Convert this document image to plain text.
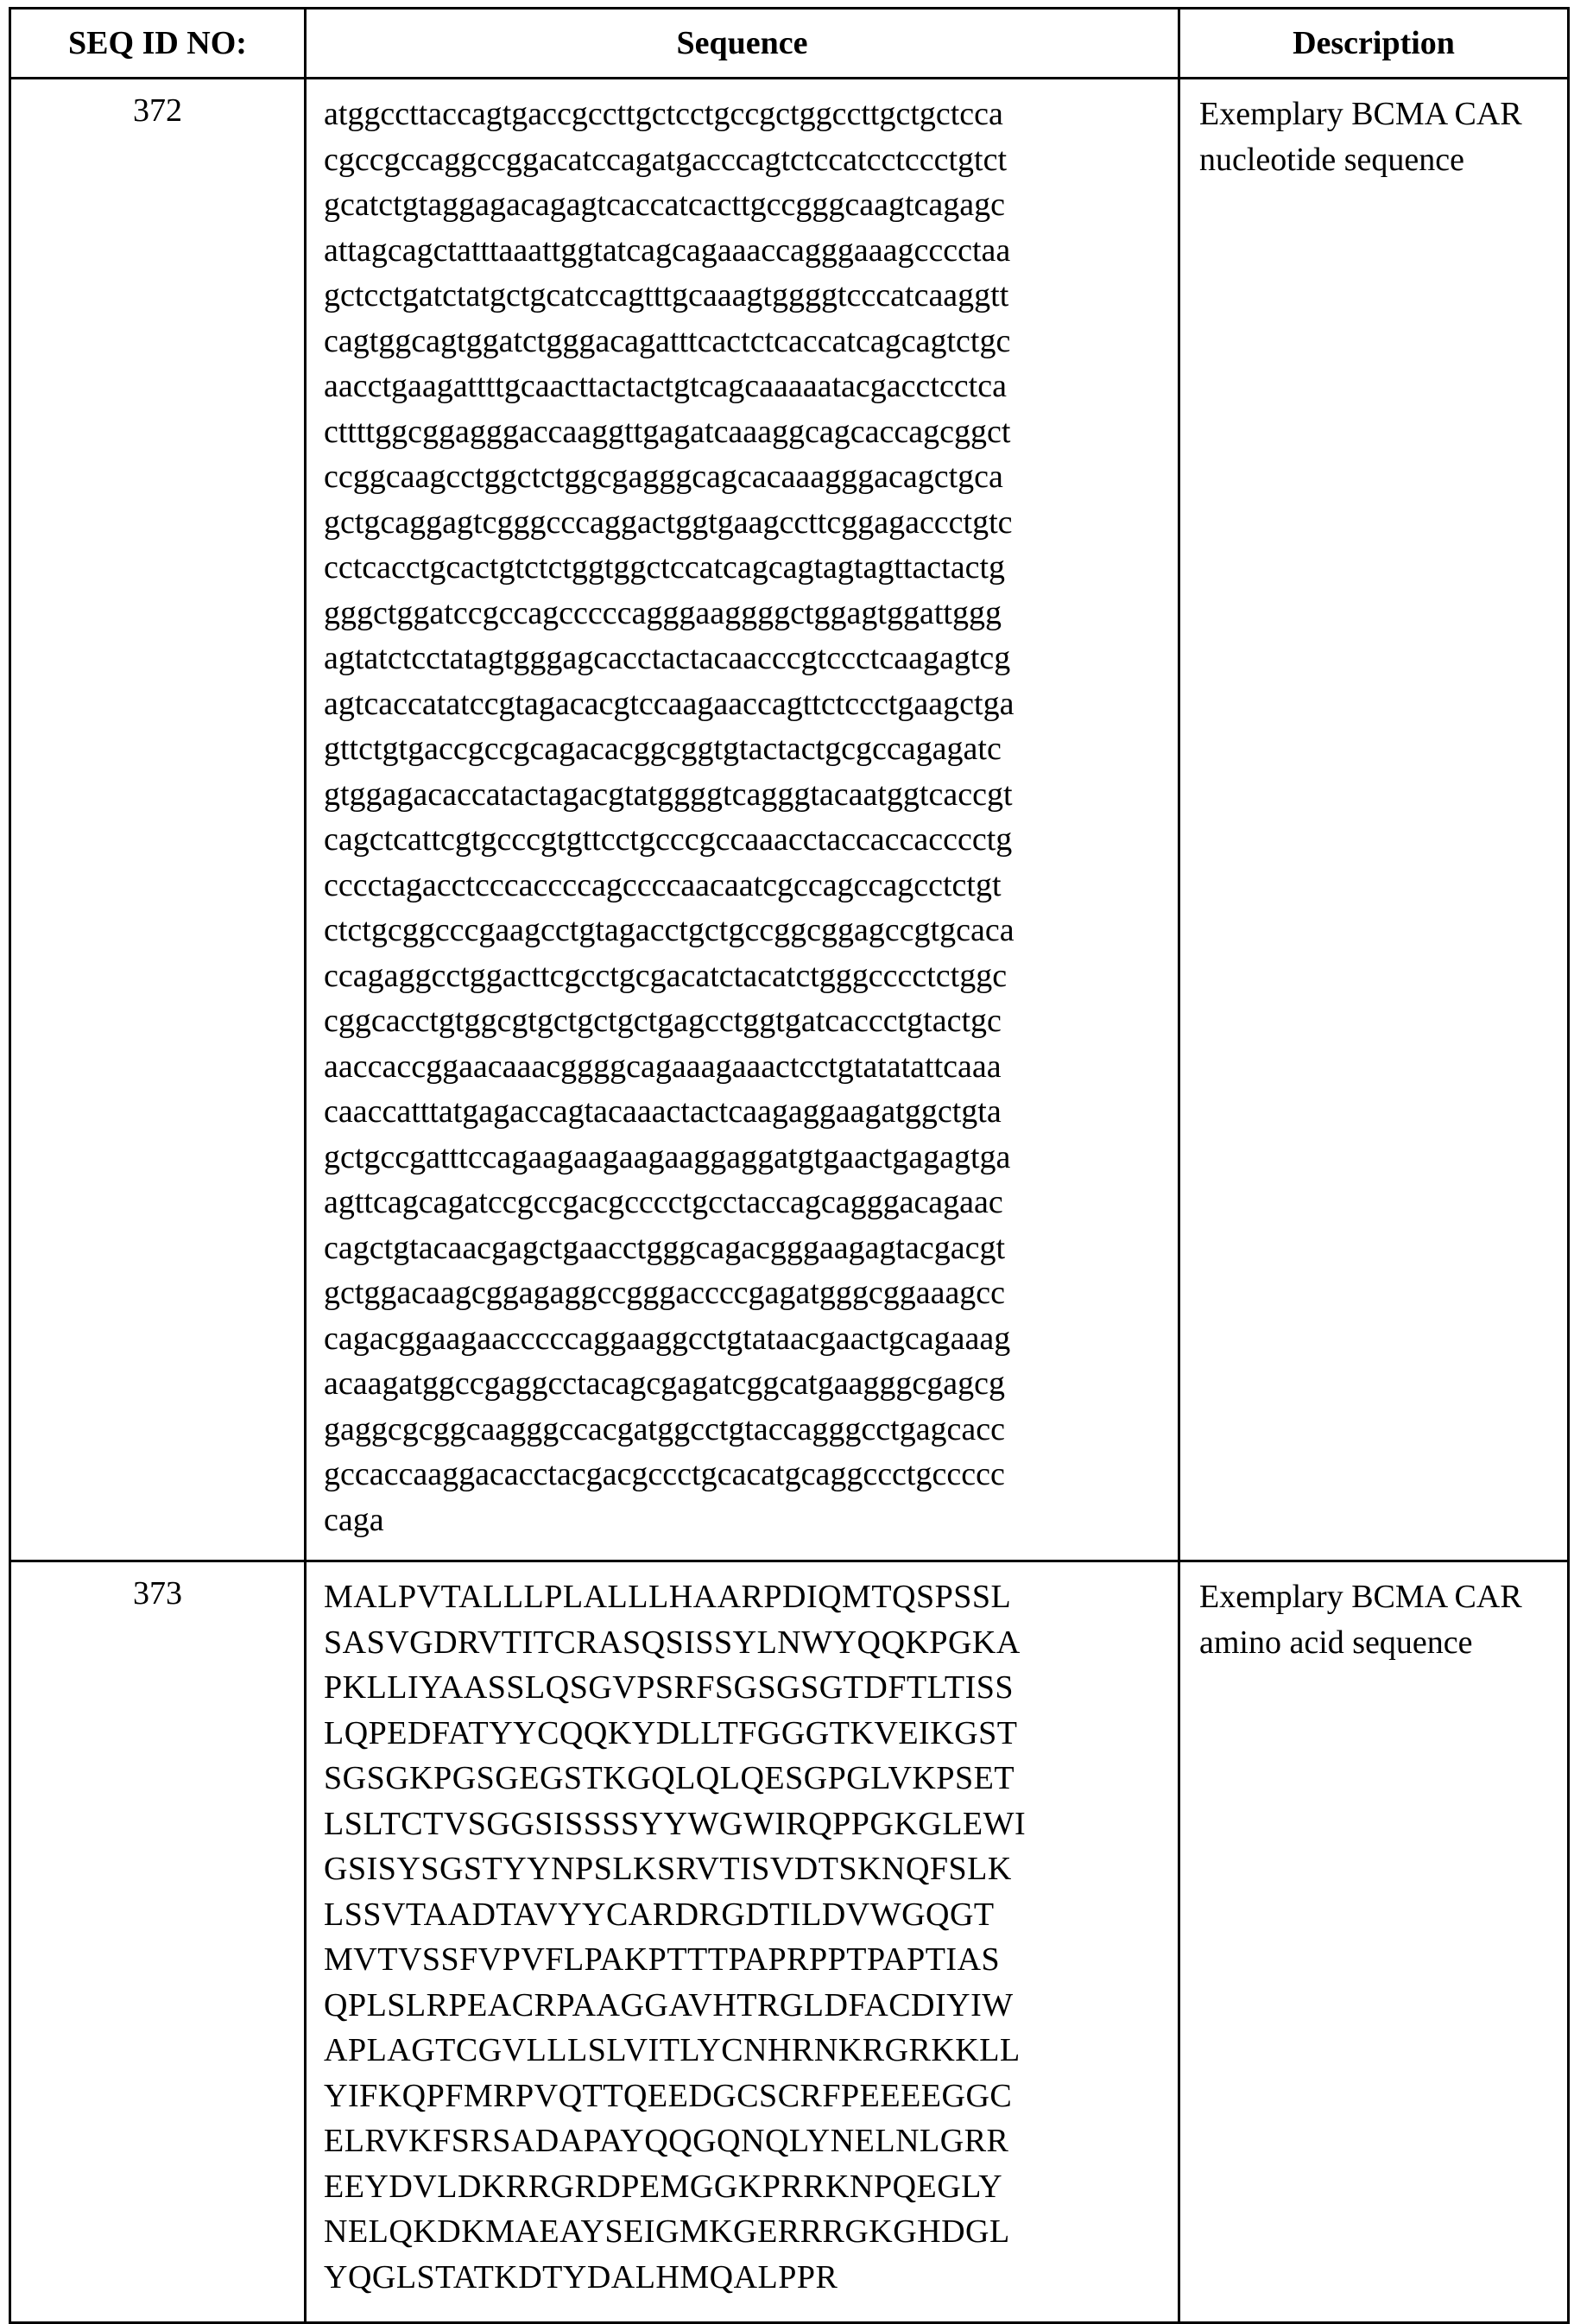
SEQ ID NO:	Sequence	Description
372	atggccttaccagtgaccgccttgctcctgccgctggccttgctgctcca
cgccgccaggccggacatccagatgacccagtctccatcctccctgtct
gcatctgtaggagacagagtcaccatcacttgccgggcaagtcagagc
attagcagctatttaaattggtatcagcagaaaccagggaaagcccctaa
gctcctgatctatgctgcatccagtttgcaaagtggggtcccatcaaggtt
cagtggcagtggatctgggacagatttcactctcaccatcagcagtctgc
aacctgaagattttgcaacttactactgtcagcaaaaatacgacctcctca
cttttggcggagggaccaaggttgagatcaaaggcagcaccagcggct
ccggcaagcctggctctggcgagggcagcacaaagggacagctgca
gctgcaggagtcgggcccaggactggtgaagccttcggagaccctgtc
cctcacctgcactgtctctggtggctccatcagcagtagtagttactactg
gggctggatccgccagcccccagggaaggggctggagtggattggg
agtatctcctatagtgggagcacctactacaacccgtccctcaagagtcg
agtcaccatatccgtagacacgtccaagaaccagttctccctgaagctga
gttctgtgaccgccgcagacacggcggtgtactactgcgccagagatc
gtggagacaccatactagacgtatggggtcagggtacaatggtcaccgt
cagctcattcgtgcccgtgttcctgcccgccaaacctaccaccacccctg
cccctagacctcccaccccagccccaacaatcgccagccagcctctgt
ctctgcggcccgaagcctgtagacctgctgccggcggagccgtgcaca
ccagaggcctggacttcgcctgcgacatctacatctgggcccctctggc
cggcacctgtggcgtgctgctgctgagcctggtgatcaccctgtactgc
aaccaccggaacaaacggggcagaaagaaactcctgtatatattcaaa
caaccatttatgagaccagtacaaactactcaagaggaagatggctgta
gctgccgatttccagaagaagaagaaggaggatgtgaactgagagtga
agttcagcagatccgccgacgcccctgcctaccagcagggacagaac
cagctgtacaacgagctgaacctgggcagacgggaagagtacgacgt
gctggacaagcggagaggccgggaccccgagatgggcggaaagcc
cagacggaagaacccccaggaaggcctgtataacgaactgcagaaag
acaagatggccgaggcctacagcgagatcggcatgaagggcgagcg
gaggcgcggcaagggccacgatggcctgtaccagggcctgagcacc
gccaccaaggacacctacgacgccctgcacatgcaggccctgccccc
caga
	Exemplary BCMA CAR nucleotide sequence
373	MALPVTALLLPLALLLHAARPDIQMTQSPSSL
SASVGDRVTITCRASQSISSYLNWYQQKPGKA
PKLLIYAASSLQSGVPSRFSGSGSGTDFTLTISS
LQPEDFATYYCQQKYDLLTFGGGTKVEIKGST
SGSGKPGSGEGSTKGQLQLQESGPGLVKPSET
LSLTCTVSGGSISSSSYYWGWIRQPPGKGLEWI
GSISYSGSTYYNPSLKSRVTISVDTSKNQFSLK
LSSVTAADTAVYYCARDRGDTILDVWGQGT
MVTVSSFVPVFLPAKPTTTPAPRPPTPAPTIAS
QPLSLRPEACRPAAGGAVHTRGLDFACDIYIW
APLAGTCGVLLLSLVITLYCNHRNKRGRKKLL
YIFKQPFMRPVQTTQEEDGCSCRFPEEEEGGC
ELRVKFSRSADAPAYQQGQNQLYNELNLGRR
EEYDVLDKRRGRDPEMGGKPRRKNPQEGLY
NELQKDKMAEAYSEIGMKGERRRGKGHDGL
YQGLSTATKDTYDALHMQALPPR
	Exemplary BCMA CAR amino acid sequence
